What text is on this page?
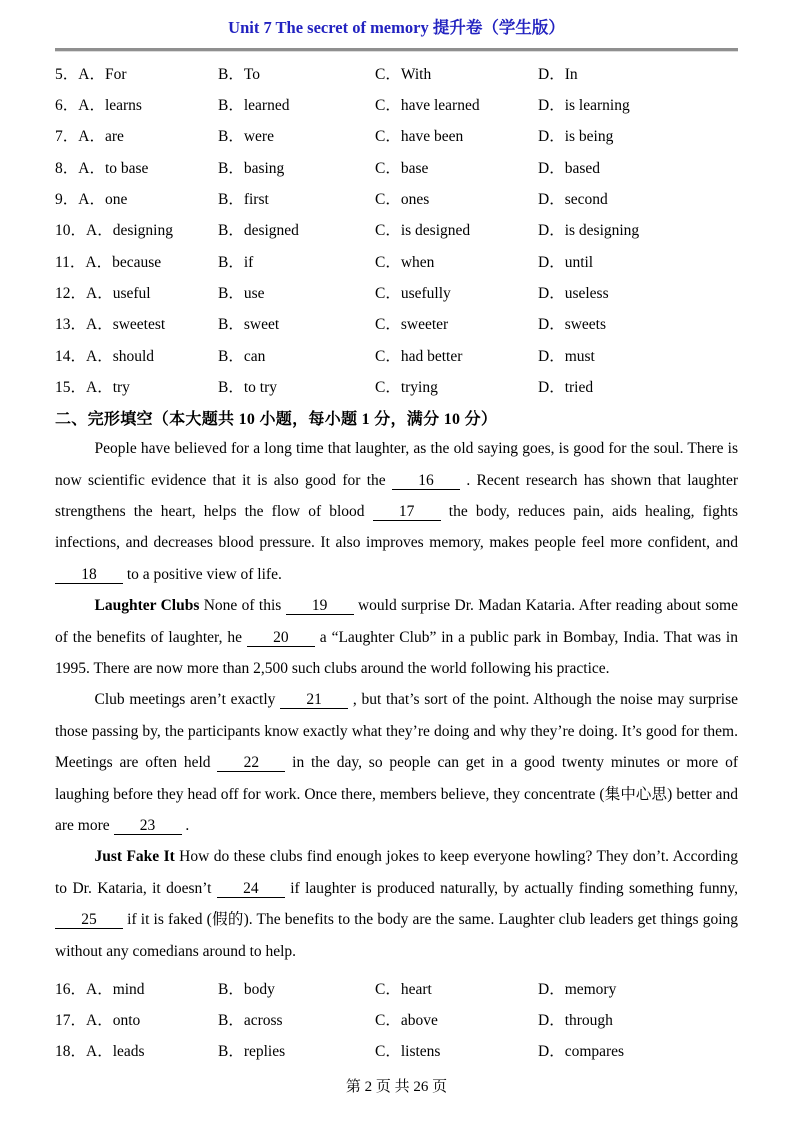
Unit 7 The secret of memory 提升卷（学生版）
5．A．For	B．To	C．With	D．In
6．A．learns	B．learned	C．have learned	D．is learning
7．A．are	B．were	C．have been	D．is being
8．A．to base	B．basing	C．base	D．based
9．A．one	B．first	C．ones	D．second
10．A．designing	B．designed	C．is designed	D．is designing
11．A．because	B．if	C．when	D．until
12．A．useful	B．use	C．usefully	D．useless
13．A．sweetest	B．sweet	C．sweeter	D．sweets
14．A．should	B．can	C．had better	D．must
15．A．try	B．to try	C．trying	D．tried
二、完形填空（本大题共 10 小题，每小题 1 分，满分 10 分）

People have believed for a long time that laughter, as the old saying goes, is good for the soul. There is now scientific evidence that it is also good for the 16 . Recent research has shown that laughter strengthens the heart, helps the flow of blood 17 the body, reduces pain, aids healing, fights infections, and decreases blood pressure. It also improves memory, makes people feel more confident, and 18 to a positive view of life.

Laughter Clubs None of this 19 would surprise Dr. Madan Kataria. After reading about some of the benefits of laughter, he 20 a “Laughter Club” in a public park in Bombay, India. That was in 1995. There are now more than 2,500 such clubs around the world following his practice.

Club meetings aren’t exactly 21 , but that’s sort of the point. Although the noise may surprise those passing by, the participants know exactly what they’re doing and why they’re doing. It’s good for them. Meetings are often held 22 in the day, so people can get in a good twenty minutes or more of laughing before they head off for work. Once there, members believe, they concentrate (集中心思) better and are more 23 .

Just Fake It How do these clubs find enough jokes to keep everyone howling? They don’t. According to Dr. Kataria, it doesn’t 24 if laughter is produced naturally, by actually finding something funny, 25 if it is faked (假的). The benefits to the body are the same. Laughter club leaders get things going without any comedians around to help.

16．A．mind	B．body	C．heart	D．memory
17．A．onto	B．across	C．above	D．through
18．A．leads	B．replies	C．listens	D．compares
第 2 页 共 26 页
